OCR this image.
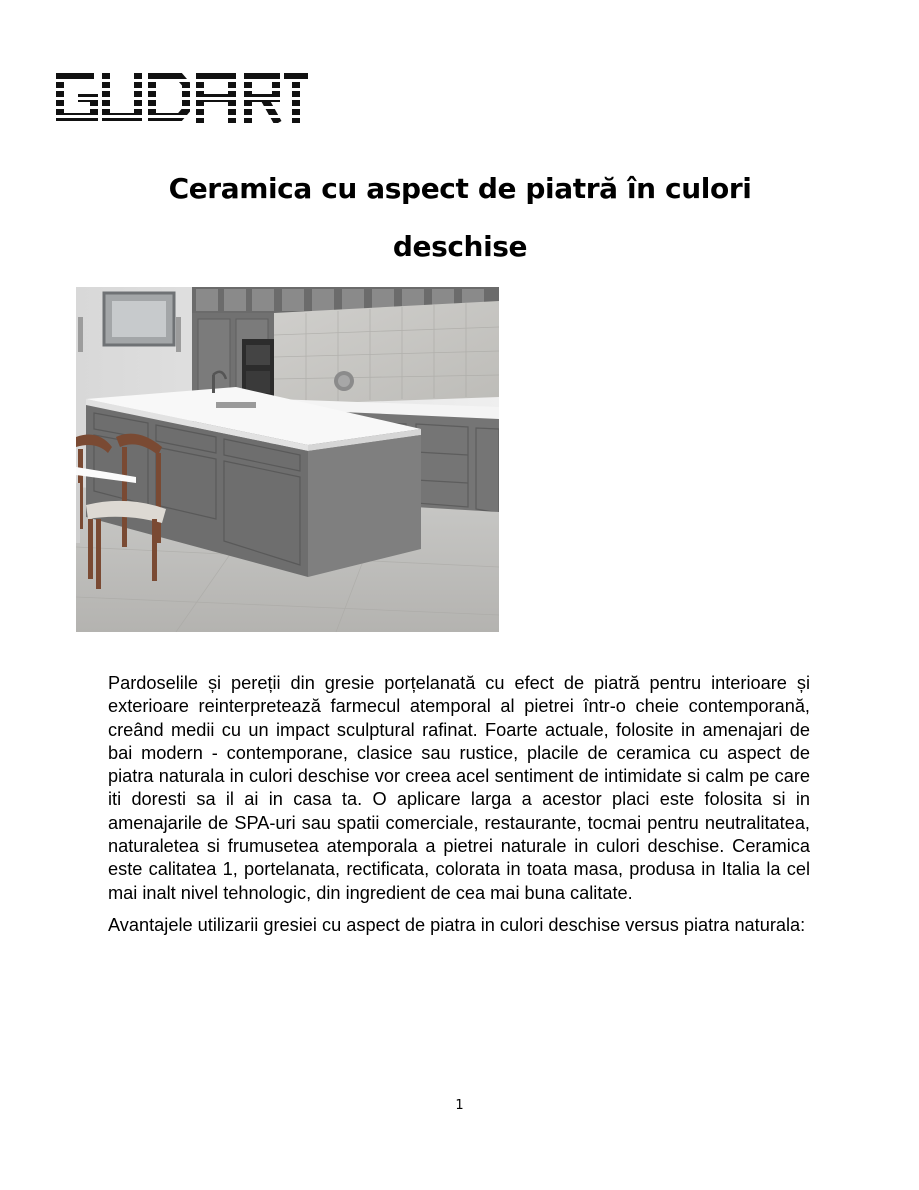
Ceramica cu aspect de piatră în culori
deschise

Pardoselile și pereții din gresie porțelanată cu efect de piatră pentru interioare și exterioare reinterpretează farmecul atemporal al pietrei într-o cheie contemporană, creând medii cu un impact sculptural rafinat. Foarte actuale, folosite in amenajari de bai modern - contemporane, clasice sau rustice, placile de ceramica cu aspect de piatra naturala in culori deschise vor creea acel sentiment de intimidate si calm pe care iti doresti sa il ai in casa ta. O aplicare larga a acestor placi este folosita si in amenajarile de SPA-uri sau spatii comerciale, restaurante, tocmai pentru neutralitatea, naturaletea si frumusetea atemporala a pietrei naturale in culori deschise. Ceramica este calitatea 1, portelanata, rectificata, colorata in toata masa, produsa in Italia la cel mai inalt nivel tehnologic, din ingredient de cea mai buna calitate.

Avantajele utilizarii gresiei cu aspect de piatra in culori deschise versus piatra naturala:

1
